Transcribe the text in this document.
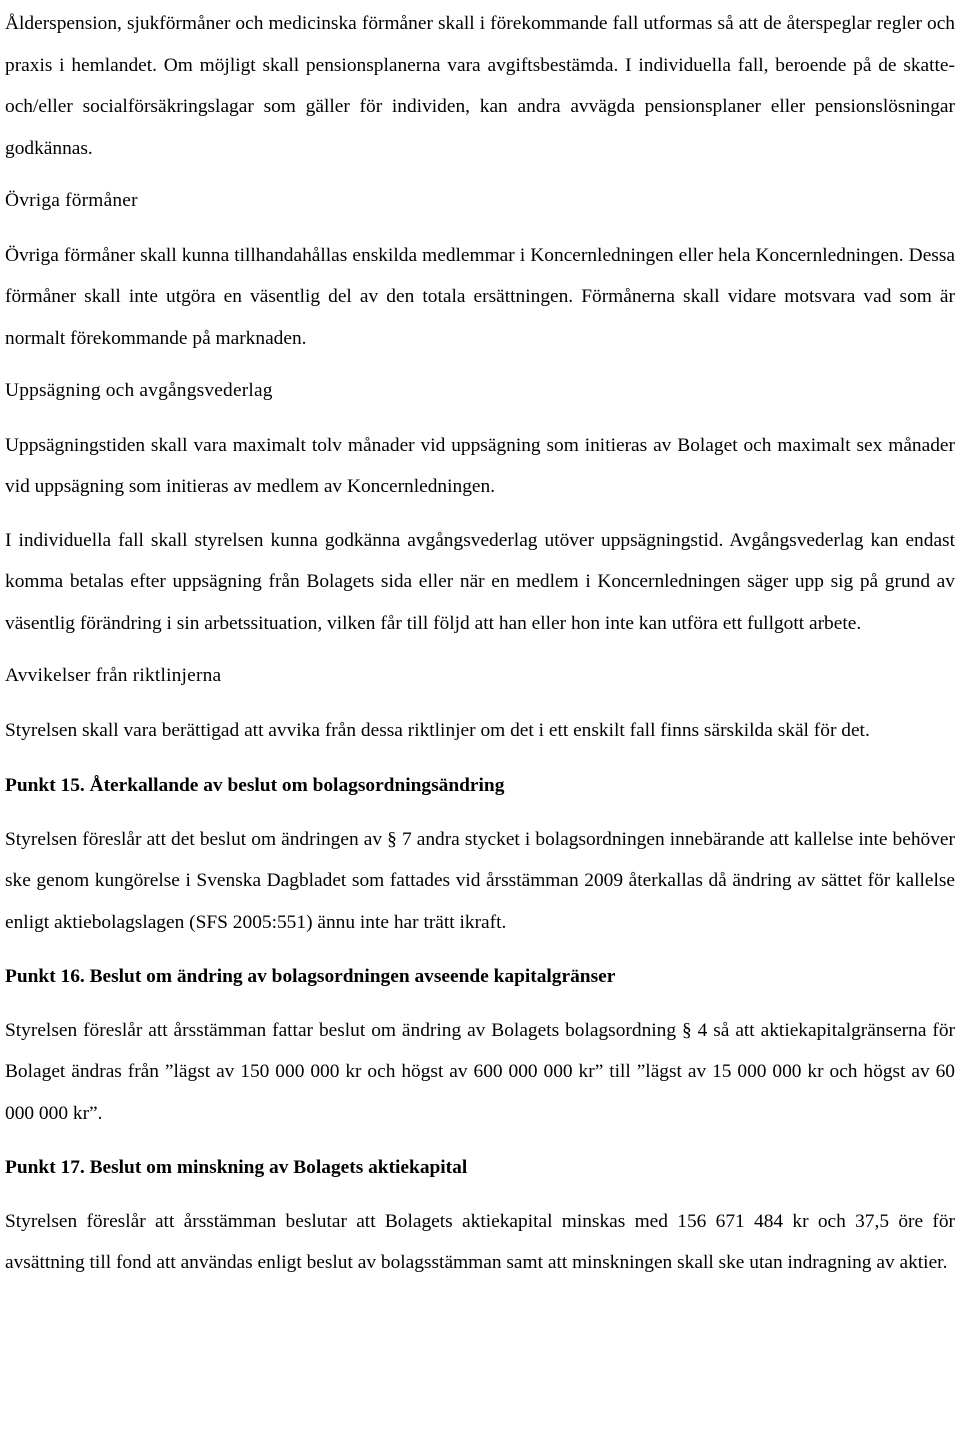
Ålderspension, sjukförmåner och medicinska förmåner skall i förekommande fall utformas så att de återspeglar regler och praxis i hemlandet. Om möjligt skall pensionsplanerna vara avgiftsbestämda. I individuella fall, beroende på de skatte- och/eller socialförsäkringslagar som gäller för individen, kan andra avvägda pensionsplaner eller pensionslösningar godkännas.

Övriga förmåner

Övriga förmåner skall kunna tillhandahållas enskilda medlemmar i Koncernledningen eller hela Koncernledningen. Dessa förmåner skall inte utgöra en väsentlig del av den totala ersättningen. Förmånerna skall vidare motsvara vad som är normalt förekommande på marknaden.

Uppsägning och avgångsvederlag

Uppsägningstiden skall vara maximalt tolv månader vid uppsägning som initieras av Bolaget och maximalt sex månader vid uppsägning som initieras av medlem av Koncernledningen.

I individuella fall skall styrelsen kunna godkänna avgångsvederlag utöver uppsägningstid. Avgångsvederlag kan endast komma betalas efter uppsägning från Bolagets sida eller när en medlem i Koncernledningen säger upp sig på grund av väsentlig förändring i sin arbetssituation, vilken får till följd att han eller hon inte kan utföra ett fullgott arbete.

Avvikelser från riktlinjerna

Styrelsen skall vara berättigad att avvika från dessa riktlinjer om det i ett enskilt fall finns särskilda skäl för det.

Punkt 15. Återkallande av beslut om bolagsordningsändring

Styrelsen föreslår att det beslut om ändringen av § 7 andra stycket i bolagsordningen innebärande att kallelse inte behöver ske genom kungörelse i Svenska Dagbladet som fattades vid årsstämman 2009 återkallas då ändring av sättet för kallelse enligt aktiebolagslagen (SFS 2005:551) ännu inte har trätt ikraft.

Punkt 16. Beslut om ändring av bolagsordningen avseende kapitalgränser

Styrelsen föreslår att årsstämman fattar beslut om ändring av Bolagets bolagsordning § 4 så att aktiekapitalgränserna för Bolaget ändras från ”lägst av 150 000 000 kr och högst av 600 000 000 kr” till ”lägst av 15 000 000 kr och högst av 60 000 000 kr”.

Punkt 17. Beslut om minskning av Bolagets aktiekapital

Styrelsen föreslår att årsstämman beslutar att Bolagets aktiekapital minskas med 156 671 484 kr och 37,5 öre för avsättning till fond att användas enligt beslut av bolagsstämman samt att minskningen skall ske utan indragning av aktier.
